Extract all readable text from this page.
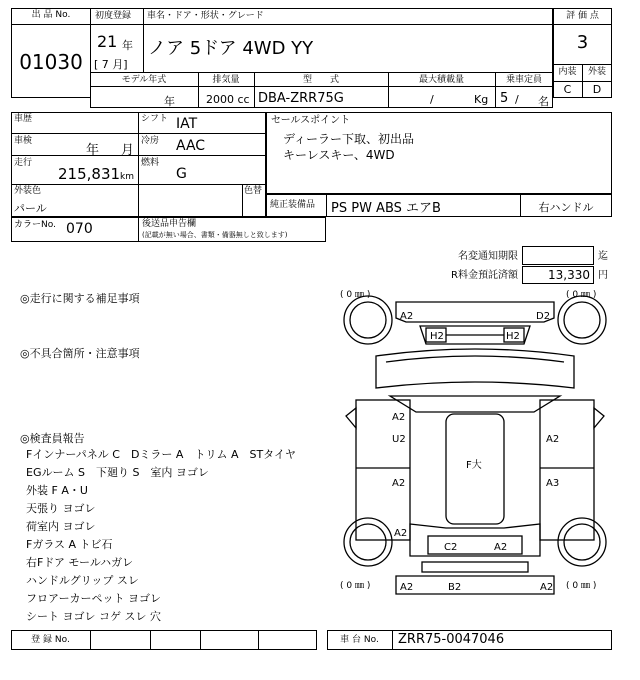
出 品 No.
01030
初度登録 車名・ドア・形状・グレード
21 年
[ 7 月]
ノア 5ドア 4WD YY
評 価 点
3
内装	外装
C	D
モデル年式	排気量	型　　式	最大積載量	乗車定員
年	2000 cc DBA-ZRR75G	/	Kg 5 / 名
車歴
車検
年 月
走行
215,831 km
シフト IAT
冷房 AAC
燃料
G
外装色
パール
色替
セールスポイント
ディーラー下取、初出品
キーレスキー、4WD
純正装備品 PS PW ABS エアB	右ハンドル
カラーNo. 070	後送品申告欄
(記載が無い場合、書類・備器無しと致します)
名変通知期限	迄
R料金預託済額	13,330 円
◎走行に関する補足事項
◎不具合箇所・注意事項
◎検査員報告
Fインナーパネル C　Dミラー A　トリム A　STタイヤ
EGルーム S　下廻り S　室内 ヨゴレ
外装 F A・U
天張り ヨゴレ
荷室内 ヨゴレ
Fガラス A トビ石
右Fドア モールハガレ
ハンドルグリップ スレ
フロアーカーペット ヨゴレ
シート ヨゴレ コゲ スレ 穴
( 0 ㎜ )	( 0 ㎜ )
( 0 ㎜ )	( 0 ㎜ )
A2	D2
H2	H2
A2
U2	A2
F大
A2	A3
A2
C2	A2
A2	B2	A2
登 録 No.	車 台 No.	ZRR75-0047046
